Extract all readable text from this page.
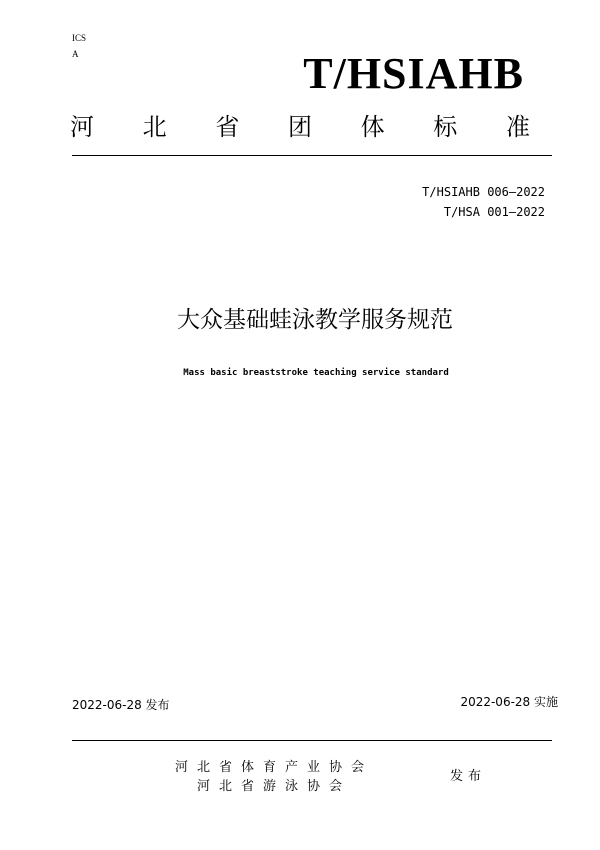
ICS
A	T/HSIAHB
河 北 省 团 体 标 准
T/HSIAHB 006—2022
T/HSA 001—2022
大众基础蛙泳教学服务规范
Mass basic breaststroke teaching service standard
2022-06-28 发布	2022-06-28 实施
河北省体育产业协会
河北省游泳协会
发布
